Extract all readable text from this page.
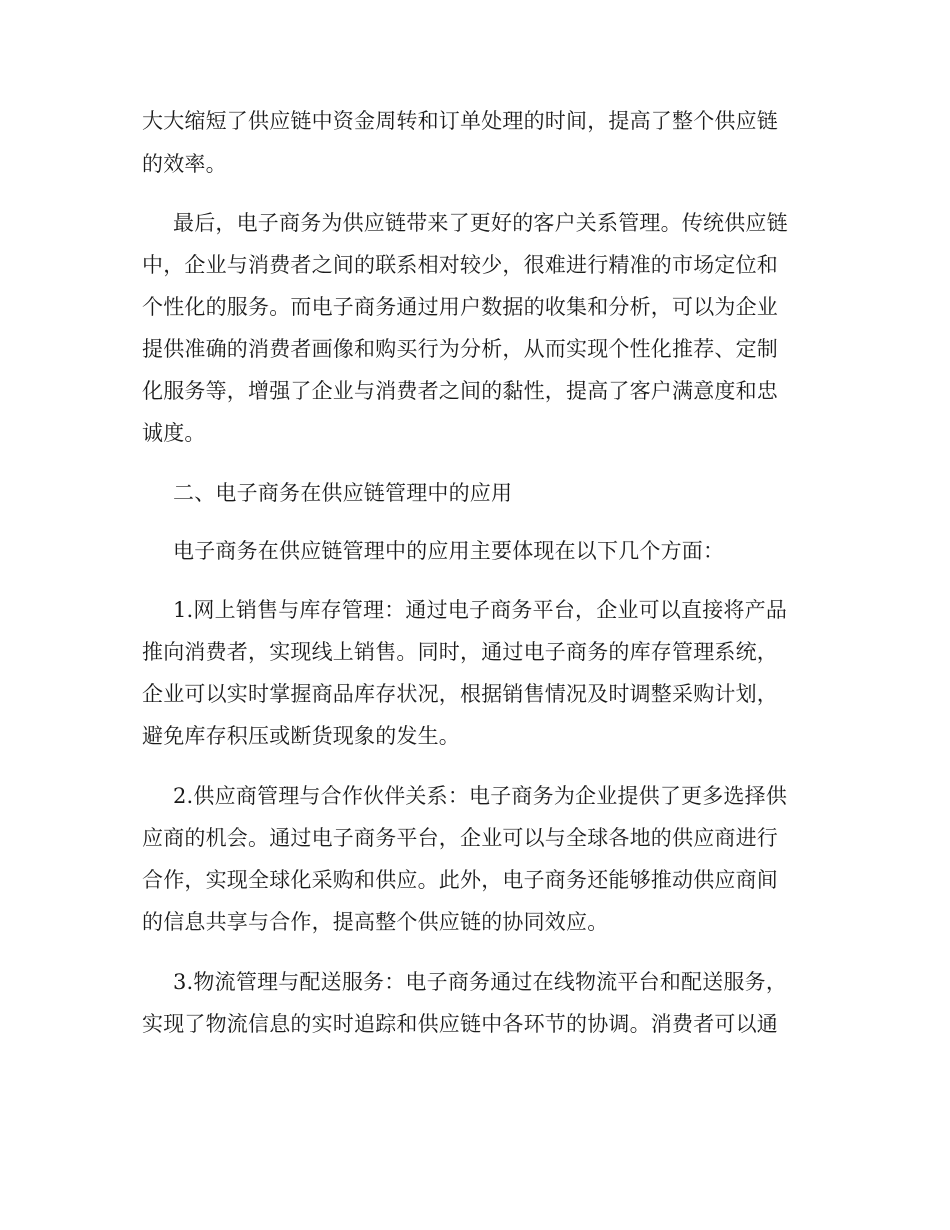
大大缩短了供应链中资金周转和订单处理的时间，提高了整个供应链
的效率。
最后，电子商务为供应链带来了更好的客户关系管理。传统供应链
中，企业与消费者之间的联系相对较少，很难进行精准的市场定位和
个性化的服务。而电子商务通过用户数据的收集和分析，可以为企业
提供准确的消费者画像和购买行为分析，从而实现个性化推荐、定制
化服务等，增强了企业与消费者之间的黏性，提高了客户满意度和忠
诚度。
二、电子商务在供应链管理中的应用
电子商务在供应链管理中的应用主要体现在以下几个方面：
1.网上销售与库存管理：通过电子商务平台，企业可以直接将产品
推向消费者，实现线上销售。同时，通过电子商务的库存管理系统，
企业可以实时掌握商品库存状况，根据销售情况及时调整采购计划，
避免库存积压或断货现象的发生。
2.供应商管理与合作伙伴关系：电子商务为企业提供了更多选择供
应商的机会。通过电子商务平台，企业可以与全球各地的供应商进行
合作，实现全球化采购和供应。此外，电子商务还能够推动供应商间
的信息共享与合作，提高整个供应链的协同效应。
3.物流管理与配送服务：电子商务通过在线物流平台和配送服务，
实现了物流信息的实时追踪和供应链中各环节的协调。消费者可以通
